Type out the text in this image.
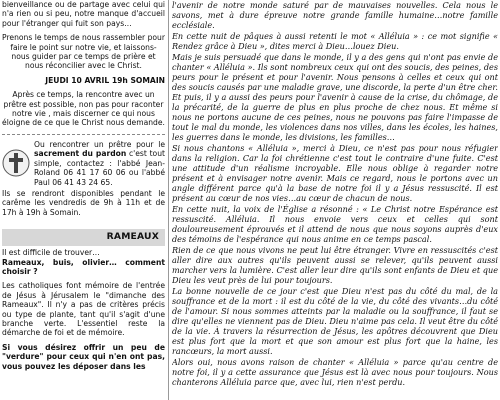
bienveillance ou de partage avec celui qui n'a rien ou si peu, notre manque d'accueil pour l'étranger qui fuit son pays…

Prenons le temps de nous rassembler pour faire le point sur notre vie, et laissons-nous guider par ce temps de prière et nous réconcilier avec le Christ.

JEUDI 10 AVRIL 19h SOMAIN

Après ce temps, la rencontre avec un prêtre est possible, non pas pour raconter notre vie , mais discerner ce qui nous éloigne de ce que le Christ nous demande.

Ou rencontrer un prêtre pour le sacrement du pardon c'est tout simple, contactez : l'abbé Jean-Roland 06 41 17 60 06 ou l'abbé Paul 06 41 43 24 65.

Ils se rendront disponibles pendant le carême les vendredis de 9h à 11h et de 17h à 19h à Somain.

RAMEAUX

Il est difficile de trouver…

Rameaux, buis, olivier… comment choisir ?

Les catholiques font mémoire de l'entrée de Jésus à Jérusalem le "dimanche des Rameaux". Il n'y a pas de critères précis ou type de plante, tant qu'il s'agit d'une branche verte. L'essentiel reste la démarche de foi et de mémoire.

Si vous désirez offrir un peu de "verdure" pour ceux qui n'en ont pas, vous pouvez les déposer dans les

l'avenir de notre monde saturé par de mauvaises nouvelles. Cela nous le savons, met à dure épreuve notre grande famille humaine…notre famille ecclésiale.

En cette nuit de pâques à aussi retenti le mot « Alléluia » : ce mot signifie « Rendez grâce à Dieu », dites merci à Dieu…louez Dieu.

Mais je suis persuadé que dans le monde, il y a des gens qui n'ont pas envie de chanter « Alléluia ». Ils sont nombreux ceux qui ont des soucis, des peines, des peurs pour le présent et pour l'avenir. Nous pensons à celles et ceux qui ont des soucis causés par une maladie grave, une discorde, la perte d'un être cher. Et puis, il y a aussi des peurs pour l'avenir à cause de la crise, du chômage, de la précarité, de la guerre de plus en plus proche de chez nous. Et même si nous ne portons aucune de ces peines, nous ne pouvons pas faire l'impasse de tout le mal du monde, les violences dans nos villes, dans les écoles, les haines, les guerres dans le monde, les divisions, les familles…

Si nous chantons « Alléluia », merci à Dieu, ce n'est pas pour nous réfugier dans la religion. Car la foi chrétienne c'est tout le contraire d'une fuite. C'est une attitude d'un réalisme incroyable. Elle nous oblige à regarder notre présent et à envisager notre avenir. Mais ce regard, nous le portons avec un angle différent parce qu'à la base de notre foi il y a Jésus ressuscité. Il est présent au cœur de nos vies…au cœur de chacun de nous.

En cette nuit, la voix de l'Église a résonné : « Le Christ notre Espérance est ressuscité. Alléluia. Il nous envoie vers ceux et celles qui sont douloureusement éprouvés et il attend de nous que nous soyons auprès d'eux des témoins de l'espérance qui nous anime en ce temps pascal.

Rien de ce que nous vivons ne peut lui être étranger. Vivre en ressuscités c'est aller dire aux autres qu'ils peuvent aussi se relever, qu'ils peuvent aussi marcher vers la lumière. C'est aller leur dire qu'ils sont enfants de Dieu et que Dieu les veut près de lui pour toujours.

La bonne nouvelle de ce jour c'est que Dieu n'est pas du côté du mal, de la souffrance et de la mort : il est du côté de la vie, du côté des vivants…du côté de l'amour. Si nous sommes atteints par la maladie ou la souffrance, il faut se dire qu'elles ne viennent pas de Dieu. Dieu n'aime pas cela. Il veut être du côté de la vie. À travers la résurrection de Jésus, les apôtres découvrent que Dieu est plus fort que la mort et que son amour est plus fort que la haine, les rancœurs, la mort aussi.

Alors oui, nous avons raison de chanter « Alléluia » parce qu'au centre de notre foi, il y a cette assurance que Jésus est là avec nous pour toujours. Nous chanterons Alléluia parce que, avec lui, rien n'est perdu.
